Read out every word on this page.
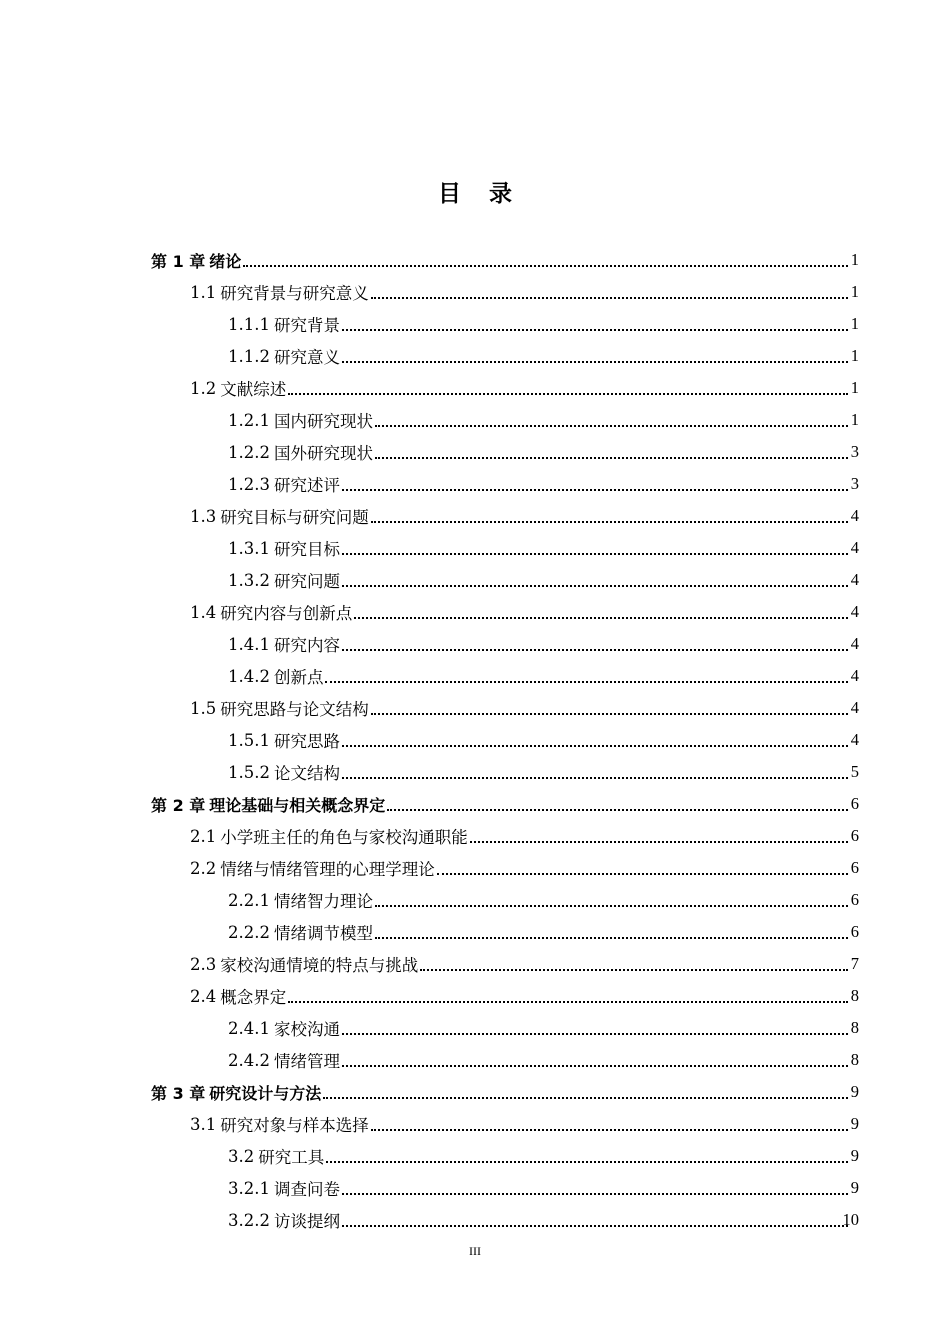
目录
第 1 章 绪论	1
1.1 研究背景与研究意义	1
1.1.1 研究背景	1
1.1.2 研究意义	1
1.2 文献综述	1
1.2.1 国内研究现状	1
1.2.2 国外研究现状	3
1.2.3 研究述评	3
1.3 研究目标与研究问题	4
1.3.1 研究目标	4
1.3.2 研究问题	4
1.4 研究内容与创新点	4
1.4.1 研究内容	4
1.4.2 创新点	4
1.5 研究思路与论文结构	4
1.5.1 研究思路	4
1.5.2 论文结构	5
第 2 章 理论基础与相关概念界定	6
2.1 小学班主任的角色与家校沟通职能	6
2.2 情绪与情绪管理的心理学理论	6
2.2.1 情绪智力理论	6
2.2.2 情绪调节模型	6
2.3 家校沟通情境的特点与挑战	7
2.4 概念界定	8
2.4.1 家校沟通	8
2.4.2 情绪管理	8
第 3 章 研究设计与方法	9
3.1 研究对象与样本选择	9
3.2 研究工具	9
3.2.1 调查问卷	9
3.2.2 访谈提纲	10
III
